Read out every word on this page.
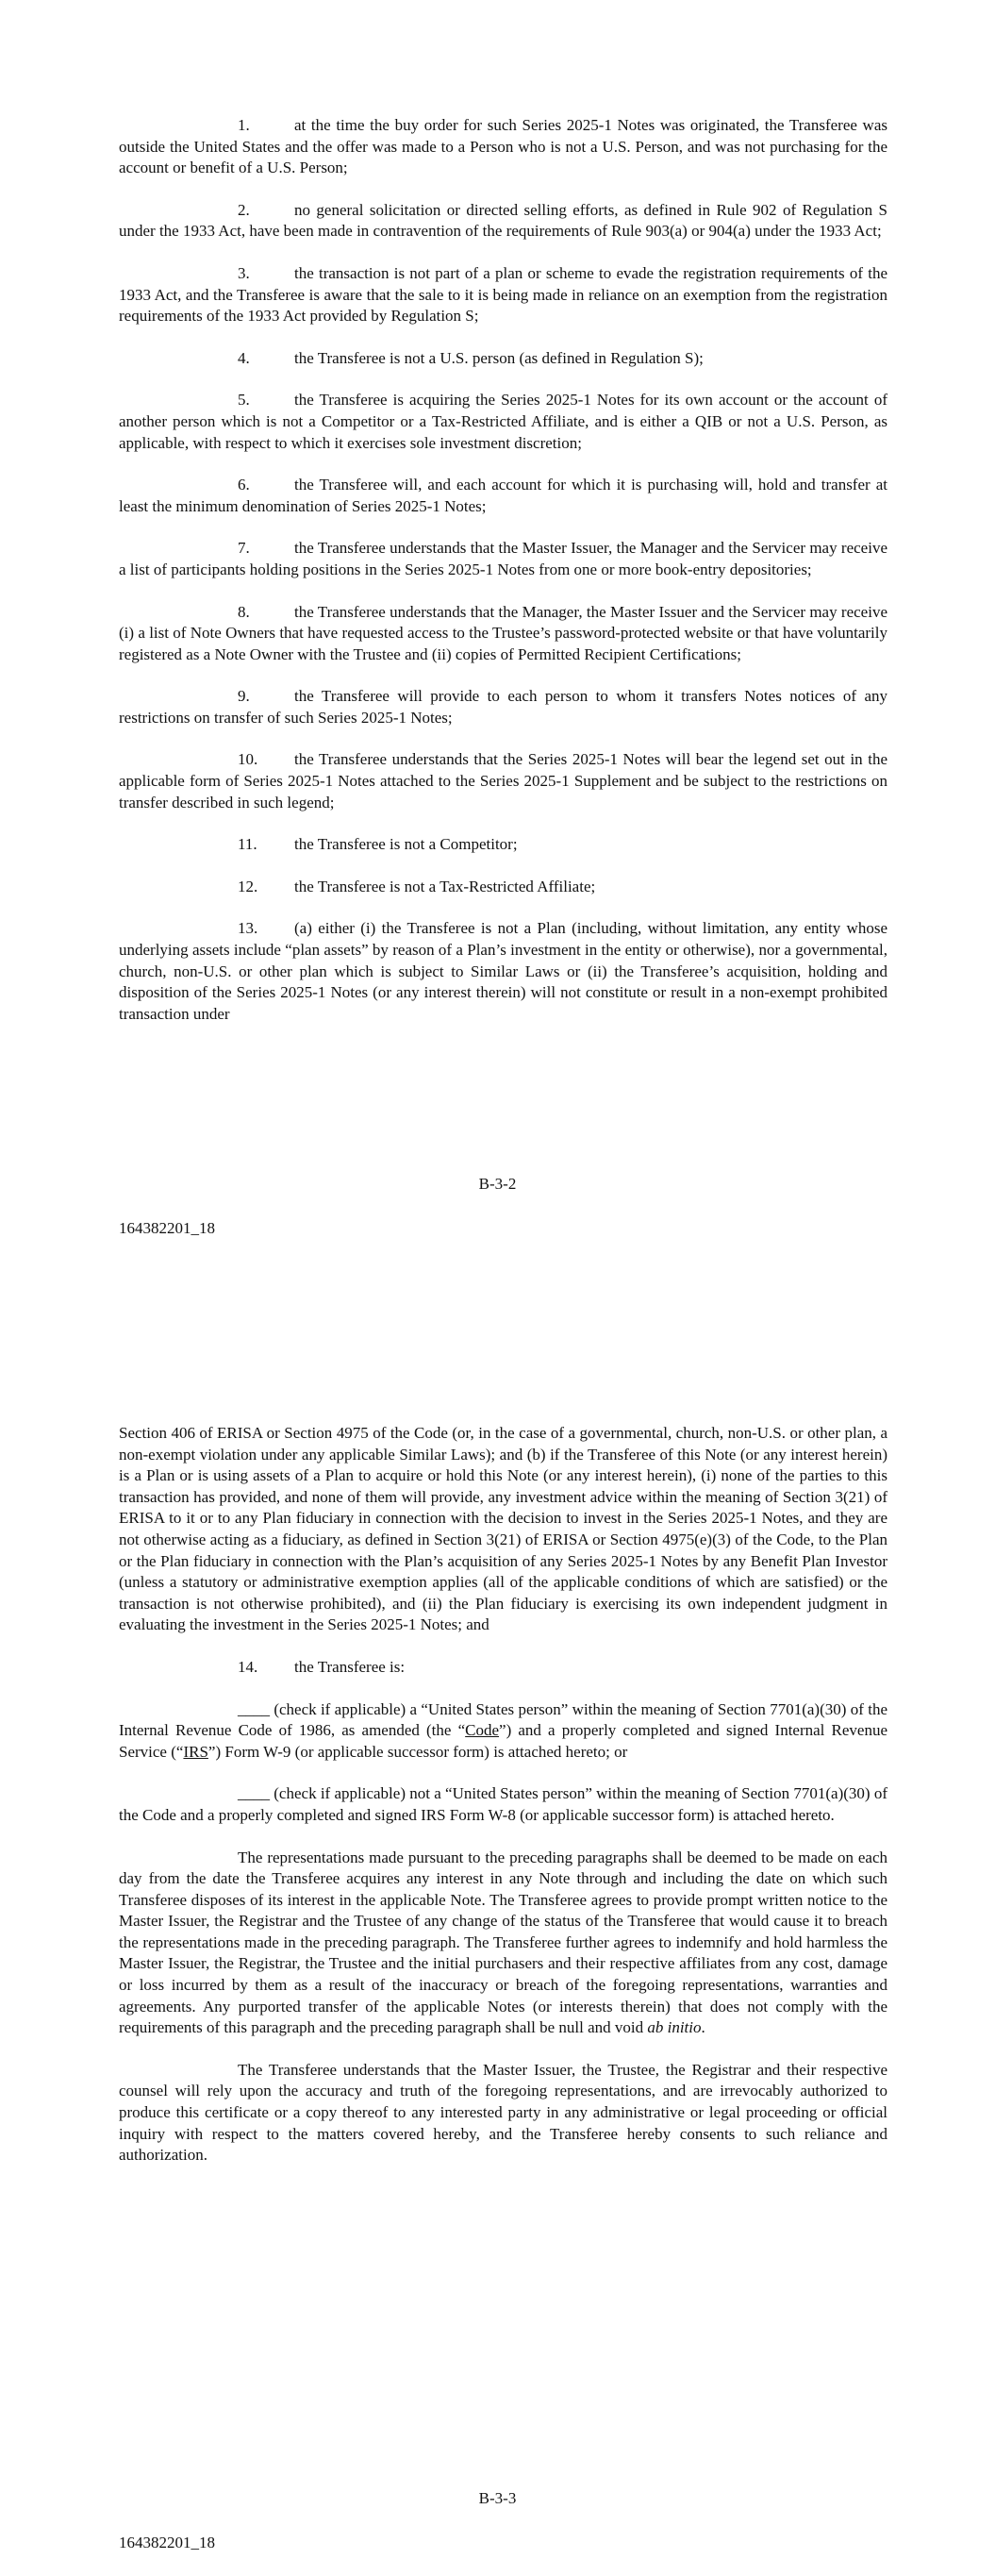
1.	at the time the buy order for such Series 2025-1 Notes was originated, the Transferee was outside the United States and the offer was made to a Person who is not a U.S. Person, and was not purchasing for the account or benefit of a U.S. Person;

2.	no general solicitation or directed selling efforts, as defined in Rule 902 of Regulation S under the 1933 Act, have been made in contravention of the requirements of Rule 903(a) or 904(a) under the 1933 Act;

3.	the transaction is not part of a plan or scheme to evade the registration requirements of the 1933 Act, and the Transferee is aware that the sale to it is being made in reliance on an exemption from the registration requirements of the 1933 Act provided by Regulation S;

4.	the Transferee is not a U.S. person (as defined in Regulation S);

5.	the Transferee is acquiring the Series 2025-1 Notes for its own account or the account of another person which is not a Competitor or a Tax-Restricted Affiliate, and is either a QIB or not a U.S. Person, as applicable, with respect to which it exercises sole investment discretion;

6.	the Transferee will, and each account for which it is purchasing will, hold and transfer at least the minimum denomination of Series 2025-1 Notes;

7.	the Transferee understands that the Master Issuer, the Manager and the Servicer may receive a list of participants holding positions in the Series 2025-1 Notes from one or more book-entry depositories;

8.	the Transferee understands that the Manager, the Master Issuer and the Servicer may receive (i) a list of Note Owners that have requested access to the Trustee’s password-protected website or that have voluntarily registered as a Note Owner with the Trustee and (ii) copies of Permitted Recipient Certifications;

9.	the Transferee will provide to each person to whom it transfers Notes notices of any restrictions on transfer of such Series 2025-1 Notes;

10. the Transferee understands that the Series 2025-1 Notes will bear the legend set out in the applicable form of Series 2025-1 Notes attached to the Series 2025-1 Supplement and be subject to the restrictions on transfer described in such legend;

11. the Transferee is not a Competitor;

12. the Transferee is not a Tax-Restricted Affiliate;

13. (a) either (i) the Transferee is not a Plan (including, without limitation, any entity whose underlying assets include “plan assets” by reason of a Plan’s investment in the entity or otherwise), nor a governmental, church, non-U.S. or other plan which is subject to Similar Laws or (ii) the Transferee’s acquisition, holding and disposition of the Series 2025-1 Notes (or any interest therein) will not constitute or result in a non-exempt prohibited transaction under

B-3-2
164382201_18

Section 406 of ERISA or Section 4975 of the Code (or, in the case of a governmental, church, non-U.S. or other plan, a non-exempt violation under any applicable Similar Laws); and (b) if the Transferee of this Note (or any interest herein) is a Plan or is using assets of a Plan to acquire or hold this Note (or any interest herein), (i) none of the parties to this transaction has provided, and none of them will provide, any investment advice within the meaning of Section 3(21) of ERISA to it or to any Plan fiduciary in connection with the decision to invest in the Series 2025-1 Notes, and they are not otherwise acting as a fiduciary, as defined in Section 3(21) of ERISA or Section 4975(e)(3) of the Code, to the Plan or the Plan fiduciary in connection with the Plan’s acquisition of any Series 2025-1 Notes by any Benefit Plan Investor (unless a statutory or administrative exemption applies (all of the applicable conditions of which are satisfied) or the transaction is not otherwise prohibited), and (ii) the Plan fiduciary is exercising its own independent judgment in evaluating the investment in the Series 2025-1 Notes; and

14. the Transferee is:

____ (check if applicable) a “United States person” within the meaning of Section 7701(a)(30) of the Internal Revenue Code of 1986, as amended (the “Code”) and a properly completed and signed Internal Revenue Service (“IRS”) Form W-9 (or applicable successor form) is attached hereto; or

____ (check if applicable) not a “United States person” within the meaning of Section 7701(a)(30) of the Code and a properly completed and signed IRS Form W-8 (or applicable successor form) is attached hereto.

The representations made pursuant to the preceding paragraphs shall be deemed to be made on each day from the date the Transferee acquires any interest in any Note through and including the date on which such Transferee disposes of its interest in the applicable Note. The Transferee agrees to provide prompt written notice to the Master Issuer, the Registrar and the Trustee of any change of the status of the Transferee that would cause it to breach the representations made in the preceding paragraph. The Transferee further agrees to indemnify and hold harmless the Master Issuer, the Registrar, the Trustee and the initial purchasers and their respective affiliates from any cost, damage or loss incurred by them as a result of the inaccuracy or breach of the foregoing representations, warranties and agreements. Any purported transfer of the applicable Notes (or interests therein) that does not comply with the requirements of this paragraph and the preceding paragraph shall be null and void ab initio.

The Transferee understands that the Master Issuer, the Trustee, the Registrar and their respective counsel will rely upon the accuracy and truth of the foregoing representations, and are irrevocably authorized to produce this certificate or a copy thereof to any interested party in any administrative or legal proceeding or official inquiry with respect to the matters covered hereby, and the Transferee hereby consents to such reliance and authorization.

B-3-3
164382201_18
